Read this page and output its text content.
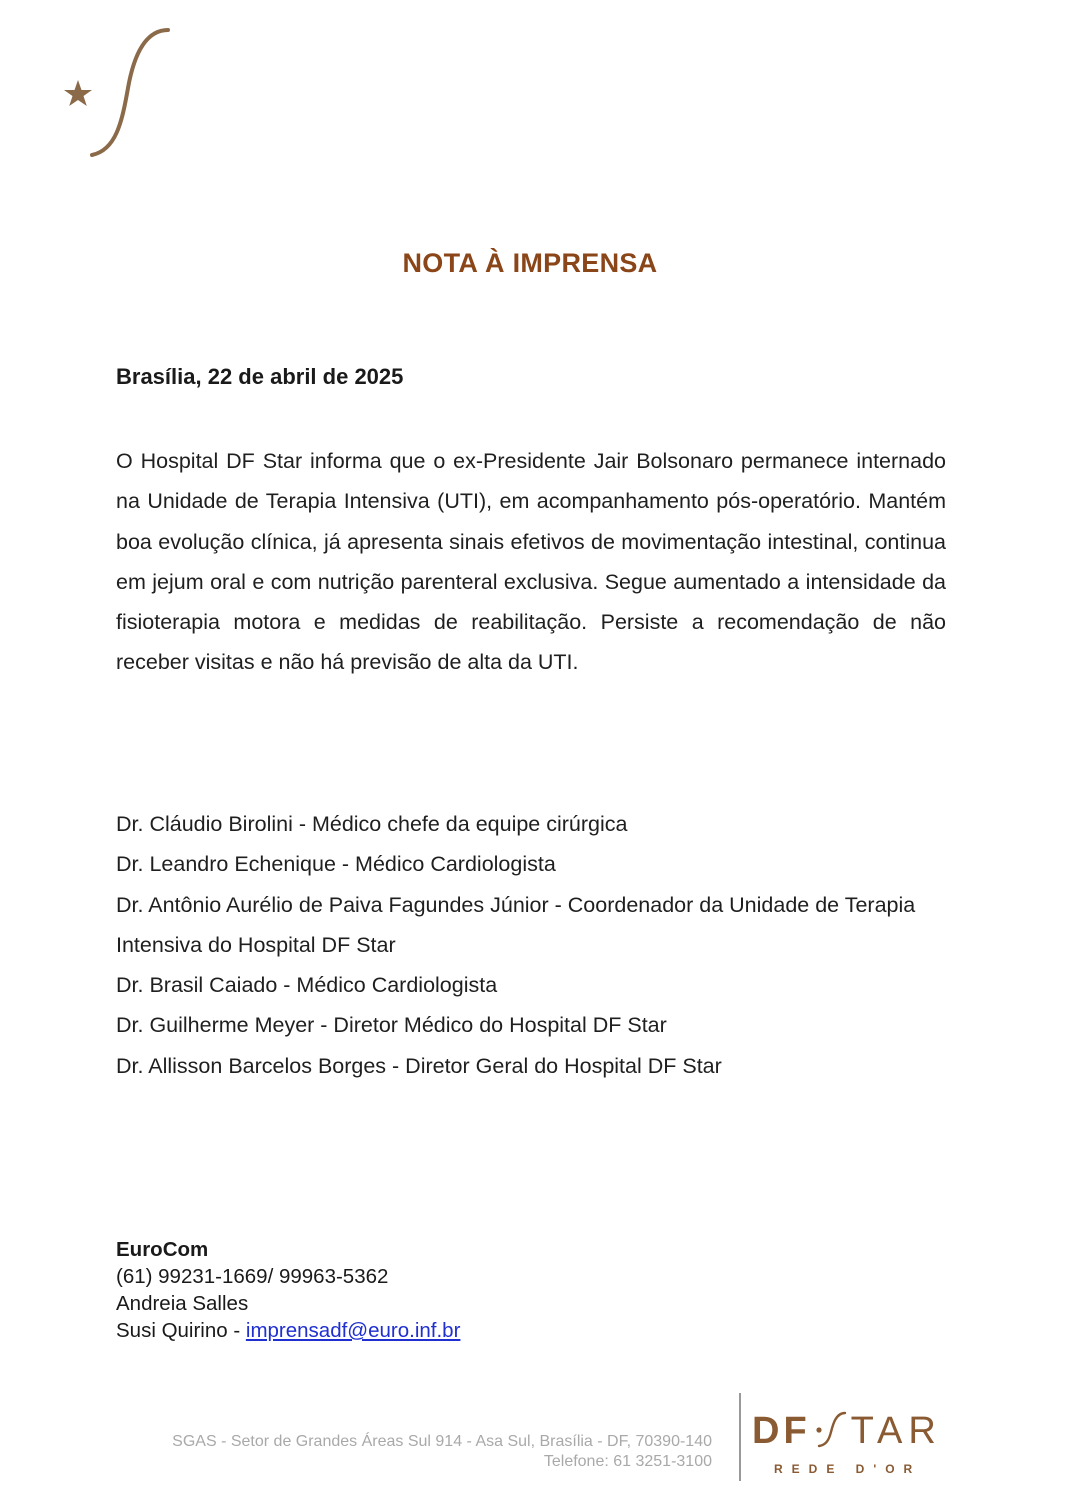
NOTA À IMPRENSA
Brasília, 22 de abril de 2025
O Hospital DF Star informa que o ex-Presidente Jair Bolsonaro permanece internado na Unidade de Terapia Intensiva (UTI), em acompanhamento pós-operatório. Mantém boa evolução clínica, já apresenta sinais efetivos de movimentação intestinal, continua em jejum oral e com nutrição parenteral exclusiva. Segue aumentado a intensidade da fisioterapia motora e medidas de reabilitação. Persiste a recomendação de não receber visitas e não há previsão de alta da UTI.
Dr. Cláudio Birolini - Médico chefe da equipe cirúrgica
Dr. Leandro Echenique - Médico Cardiologista
Dr. Antônio Aurélio de Paiva Fagundes Júnior - Coordenador da Unidade de Terapia Intensiva do Hospital DF Star
Dr. Brasil Caiado - Médico Cardiologista
Dr. Guilherme Meyer - Diretor Médico do Hospital DF Star
Dr. Allisson Barcelos Borges - Diretor Geral do Hospital DF Star
EuroCom
(61) 99231-1669/ 99963-5362
Andreia Salles
Susi Quirino - imprensadf@euro.inf.br
SGAS - Setor de Grandes Áreas Sul 914 - Asa Sul, Brasília - DF, 70390-140
Telefone: 61 3251-3100
DF TAR
REDE D'OR
